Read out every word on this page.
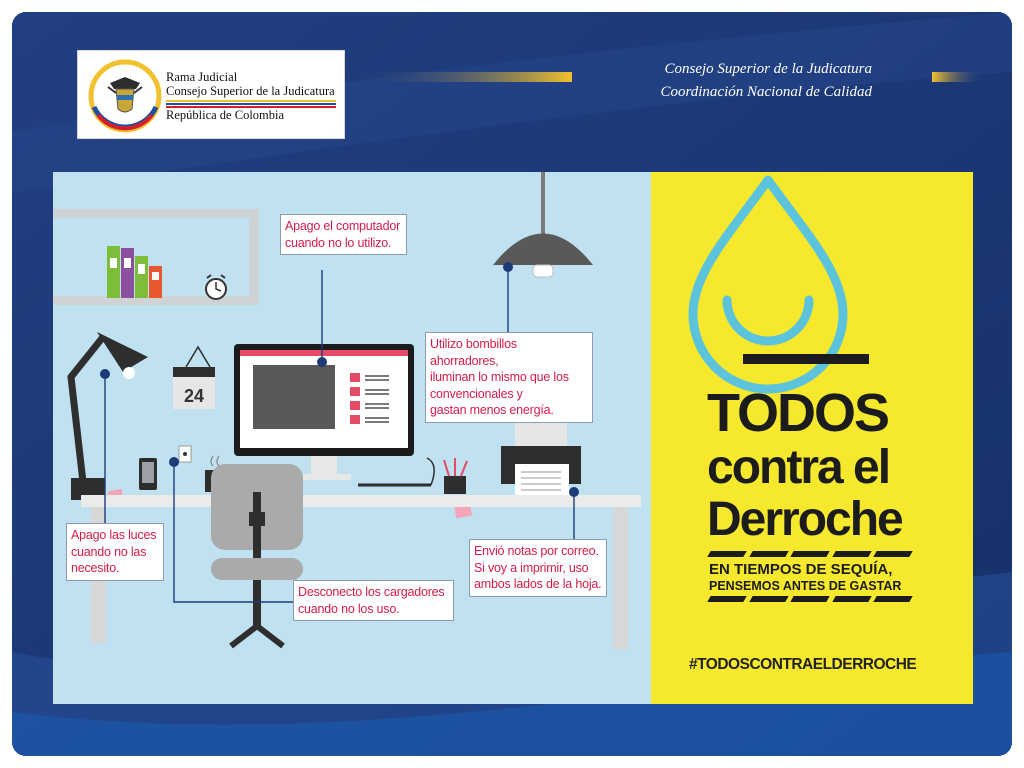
Rama Judicial
Consejo Superior de la Judicatura
República de Colombia
Consejo Superior de la Judicatura
Coordinación Nacional de Calidad
24
Apago el computador
cuando no lo utilizo.
Utilizo bombillos ahorradores,
iluminan lo mismo que los
convencionales y
gastan menos energía.
Apago las luces
cuando no las
necesito.
Desconecto los cargadores
cuando no los uso.
Envió notas por correo.
Si voy a imprimir, uso
ambos lados de la hoja.
TODOS
contra el
Derroche
EN TIEMPOS DE SEQUÍA,
PENSEMOS ANTES DE GASTAR
#TODOSCONTRAELDERROCHE
